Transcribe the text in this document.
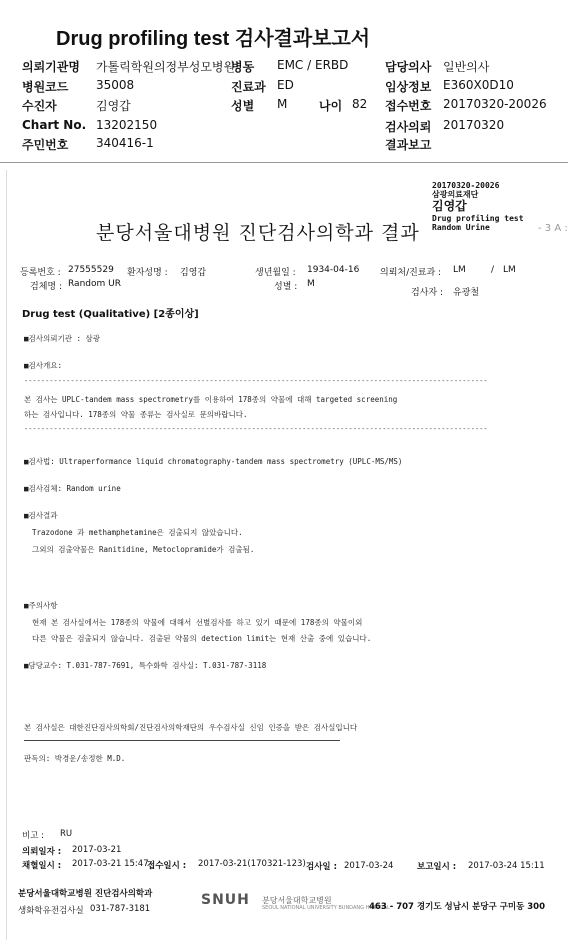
Drug profiling test 검사결과보고서
의뢰기관명 가톨릭학원의정부성모병원
병동 EMC / ERBD	담당의사 일반의사
병원코드 35008	진료과 ED	임상정보 E360X0D10
수진자	김영갑	성별 M	나이 82 접수번호 20170320-20026
Chart No. 13202150	검사의뢰 20170320
주민번호 340416-1	결과보고
20170320-20026
삼광의료재단
김영갑
Drug profiling test
Random Urine	- 3 A :
분당서울대병원 진단검사의학과 결과
등록번호 : 27555529 환자성명 : 김영갑	생년월일 : 1934-04-16 의뢰처/진료과 : LM	/ LM
검체명 : Random UR	성별 : M
검사자 : 유광철
Drug test (Qualitative) [2종이상]
■검사의뢰기관 : 삼광
■검사개요:
--------------------------------------------------------------------------------------------------------------
본 검사는 UPLC-tandem mass spectrometry를 이용하여 178종의 약물에 대해 targeted screening
하는 검사입니다. 178종의 약물 종류는 검사실로 문의바랍니다.
--------------------------------------------------------------------------------------------------------------
■검사법: Ultraperformance liquid chromatography-tandem mass spectrometry (UPLC-MS/MS)
■검사검체: Random urine
■검사결과
Trazodone 과 methamphetamine은 검출되지 않았습니다.
그외의 검출약물은 Ranitidine, Metoclopramide가 검출됨.
■주의사항
현재 본 검사실에서는 178종의 약물에 대해서 선별검사를 하고 있기 때문에 178종의 약물이외
다른 약물은 검출되지 않습니다. 검출된 약물의 detection limit는 현재 산출 중에 있습니다.
■담당교수: T.031-787-7691, 특수화학 검사실: T.031-787-3118
본 검사실은 대한진단검사의학회/진단검사의학재단의 우수검사실 신임 인증을 받은 검사실입니다
판독의: 박경운/송정한 M.D.
비고 : RU
의뢰일자 : 2017-03-21
채혈일시 : 2017-03-21 15:47
접수일시 : 2017-03-21(170321-123) 검사일 : 2017-03-24	보고일시 : 2017-03-24 15:11
분당서울대학교병원 진단검사의학과
생화학유전검사실 031-787-3181
SNUH 분당서울대학교병원
SEOUL NATIONAL UNIVERSITY BUNDANG HOSPITAL
463 - 707 경기도 성남시 분당구 구미동 300
